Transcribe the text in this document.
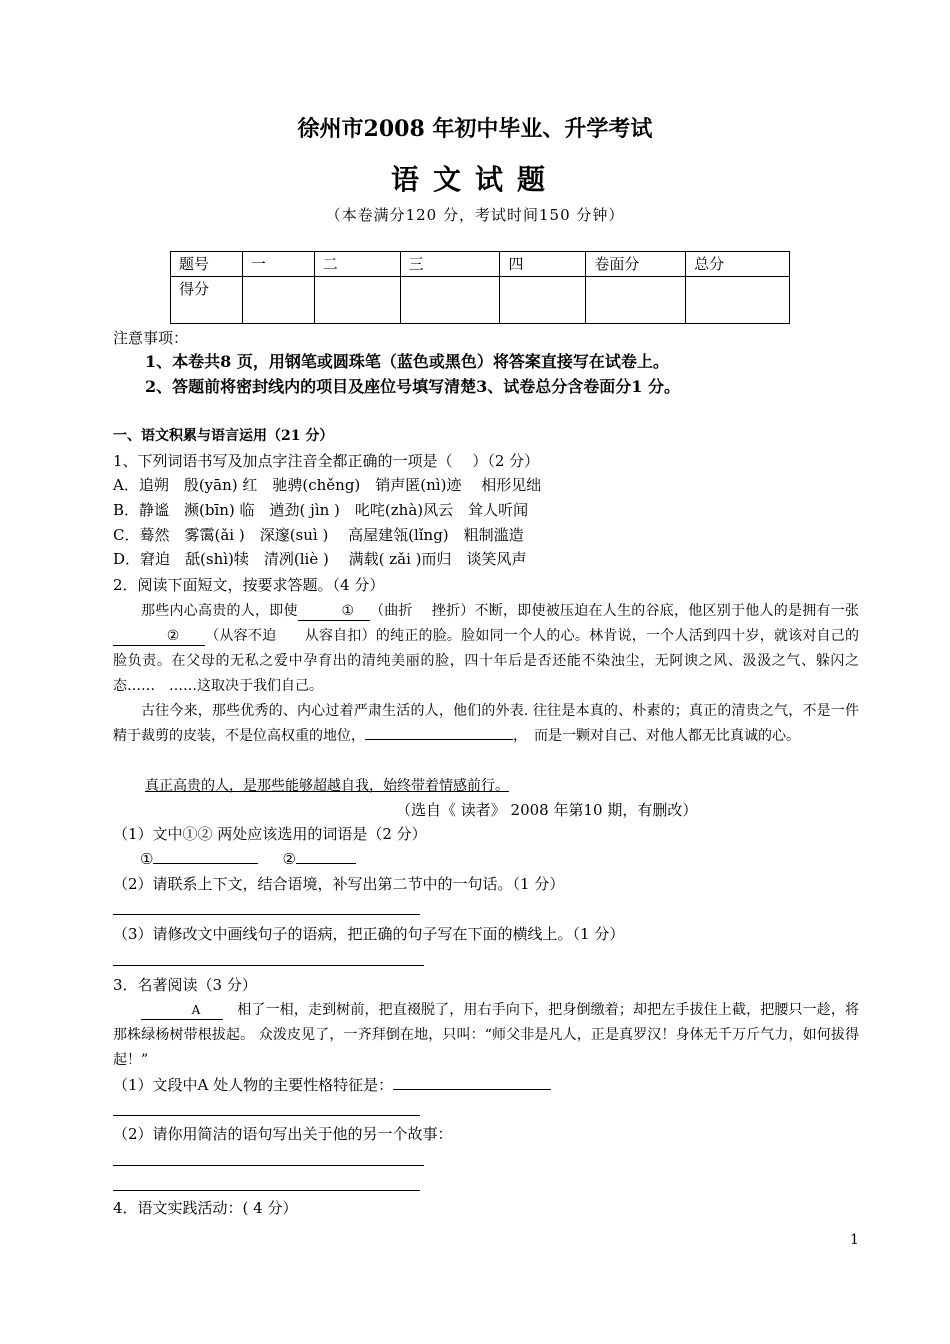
徐州市2008 年初中毕业、升学考试
语文试题
（本卷满分120 分，考试时间150 分钟）
题号	一	二	三	四	卷面分	总分
得分						
注意事项：
1、本卷共8 页，用钢笔或圆珠笔（蓝色或黑色）将答案直接写在试卷上。
2、答题前将密封线内的项目及座位号填写清楚3、试卷总分含卷面分1 分。
一、语文积累与语言运用（21 分）
1、下列词语书写及加点字注音全都正确的一项是（　 ）（2 分）
A．追朔　殷(yān) 红　驰骋(chěng)　销声匿(nì)迹　 相形见绌
B．静谧　濒(bīn) 临　遒劲( jìn )　叱咤(zhà)风云　耸人听闻
C．蓦然　雾霭(ǎi )　深邃(suì )　 高屋建瓴(lǐng)　粗制滥造
D．窘迫　舐(shì)犊　清冽(liè )　 满载( zǎi )而归　谈笑风声
2．阅读下面短文，按要求答题。（4 分）
那些内心高贵的人，即使	① （曲折　 挫折）不断，即使被压迫在人生的谷底，他区别于他人的是拥有一张② （从容不迫　　从容自扣）的纯正的脸。脸如同一个人的心。林肯说，一个人活到四十岁，就该对自己的脸负责。在父母的无私之爱中孕育出的清纯美丽的脸，四十年后是否还能不染浊尘，无阿谀之风、汲汲之气、躲闪之态……　……这取决于我们自己。
古往今来，那些优秀的、内心过着严肃生活的人，他们的外表. 往往是本真的、朴素的；真正的清贵之气，不是一件精于裁剪的皮装，不是位高权重的地位，	，　而是一颗对自己、对他人都无比真诚的心。
真正高贵的人，是那些能够超越自我，始终带着情感前行。
（选自《 读者》 2008 年第10 期，有删改）
（1）文中①② 两处应该选用的词语是（2 分）
①	②
（2）请联系上下文，结合语境，补写出第二节中的一句话。（1 分）
（3）请修改文中画线句子的语病，把正确的句子写在下面的横线上。（1 分）
3．名著阅读（3 分）
A　	相了一相，走到树前，把直裰脱了，用右手向下，把身倒缴着；却把左手拔住上截，把腰只一趁，将那株绿杨树带根拔起。 众泼皮见了，一齐拜倒在地，只叫：“师父非是凡人，正是真罗汉！身体无千万斤气力，如何拔得起！”
（1）文段中A 处人物的主要性格特征是：
（2）请你用简洁的语句写出关于他的另一个故事：
4．语文实践活动：( 4 分）
1
